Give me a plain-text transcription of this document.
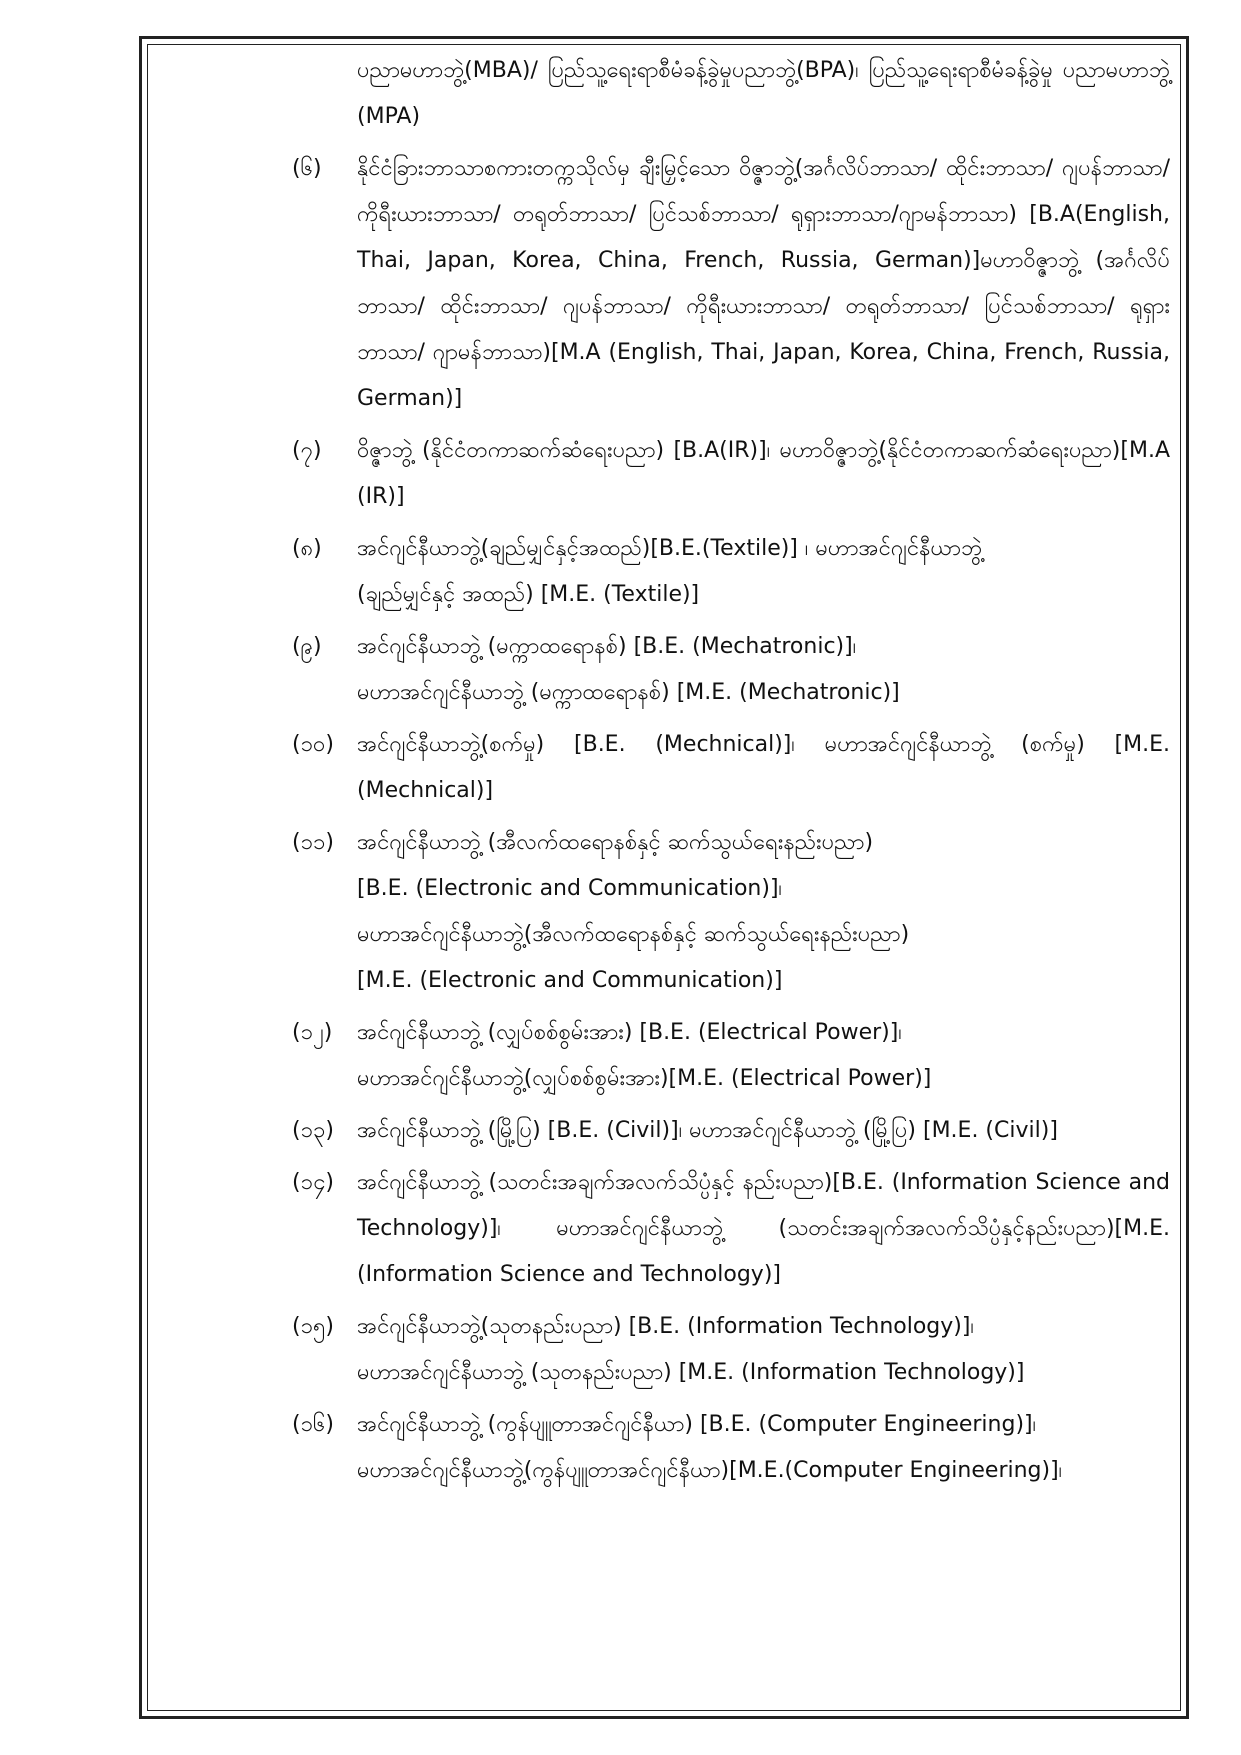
ပညာမဟာဘွဲ့(MBA)/ ပြည်သူ့ရေးရာစီမံခန့်ခွဲမှုပညာဘွဲ့(BPA)၊ ပြည်သူ့ရေးရာစီမံခန့်ခွဲမှု ပညာမဟာဘွဲ့ (MPA)
(၆)	နိုင်ငံခြားဘာသာစကားတက္ကသိုလ်မှ ချီးမြှင့်သော ဝိဇ္ဇာဘွဲ့(အင်္ဂလိပ်ဘာသာ/ ထိုင်းဘာသာ/ ဂျပန်ဘာသာ/ ကိုရီးယားဘာသာ/ တရုတ်ဘာသာ/ ပြင်သစ်ဘာသာ/ ရုရှားဘာသာ/ဂျာမန်ဘာသာ) [B.A(English, Thai, Japan, Korea, China, French, Russia, German)]မဟာဝိဇ္ဇာဘွဲ့ (အင်္ဂလိပ်ဘာသာ/ ထိုင်းဘာသာ/ ဂျပန်ဘာသာ/ ကိုရီးယားဘာသာ/ တရုတ်ဘာသာ/ ပြင်သစ်ဘာသာ/ ရုရှားဘာသာ/ ဂျာမန်ဘာသာ)[M.A (English, Thai, Japan, Korea, China, French, Russia, German)]
(၇)	ဝိဇ္ဇာဘွဲ့ (နိုင်ငံတကာဆက်ဆံရေးပညာ) [B.A(IR)]၊ မဟာဝိဇ္ဇာဘွဲ့(နိုင်ငံတကာဆက်ဆံရေးပညာ)[M.A (IR)]
(၈)	အင်ဂျင်နီယာဘွဲ့(ချည်မျှင်နှင့်အထည်)[B.E.(Textile)] ၊ မဟာအင်ဂျင်နီယာဘွဲ့
(ချည်မျှင်နှင့် အထည်) [M.E. (Textile)]
(၉)	အင်ဂျင်နီယာဘွဲ့ (မက္ကာထရောနစ်) [B.E. (Mechatronic)]၊
မဟာအင်ဂျင်နီယာဘွဲ့ (မက္ကာထရောနစ်) [M.E. (Mechatronic)]
(၁၀)	အင်ဂျင်နီယာဘွဲ့(စက်မှု) [B.E. (Mechnical)]၊ မဟာအင်ဂျင်နီယာဘွဲ့ (စက်မှု) [M.E.(Mechnical)]
(၁၁)	အင်ဂျင်နီယာဘွဲ့ (အီလက်ထရောနစ်နှင့် ဆက်သွယ်ရေးနည်းပညာ)
[B.E. (Electronic and Communication)]၊
မဟာအင်ဂျင်နီယာဘွဲ့(အီလက်ထရောနစ်နှင့် ဆက်သွယ်ရေးနည်းပညာ)
[M.E. (Electronic and Communication)]
(၁၂)	အင်ဂျင်နီယာဘွဲ့ (လျှပ်စစ်စွမ်းအား) [B.E. (Electrical Power)]၊
မဟာအင်ဂျင်နီယာဘွဲ့(လျှပ်စစ်စွမ်းအား)[M.E. (Electrical Power)]
(၁၃)	အင်ဂျင်နီယာဘွဲ့ (မြို့ပြ) [B.E. (Civil)]၊ မဟာအင်ဂျင်နီယာဘွဲ့ (မြို့ပြ) [M.E. (Civil)]
(၁၄)	အင်ဂျင်နီယာဘွဲ့ (သတင်းအချက်အလက်သိပ္ပံနှင့် နည်းပညာ)[B.E. (Information Science and Technology)]၊ မဟာအင်ဂျင်နီယာဘွဲ့ (သတင်းအချက်အလက်သိပ္ပံနှင့်နည်းပညာ)[M.E. (Information Science and Technology)]
(၁၅)	အင်ဂျင်နီယာဘွဲ့(သုတနည်းပညာ) [B.E. (Information Technology)]၊
မဟာအင်ဂျင်နီယာဘွဲ့ (သုတနည်းပညာ) [M.E. (Information Technology)]
(၁၆)	အင်ဂျင်နီယာဘွဲ့ (ကွန်ပျူတာအင်ဂျင်နီယာ) [B.E. (Computer Engineering)]၊
မဟာအင်ဂျင်နီယာဘွဲ့(ကွန်ပျူတာအင်ဂျင်နီယာ)[M.E.(Computer Engineering)]၊
